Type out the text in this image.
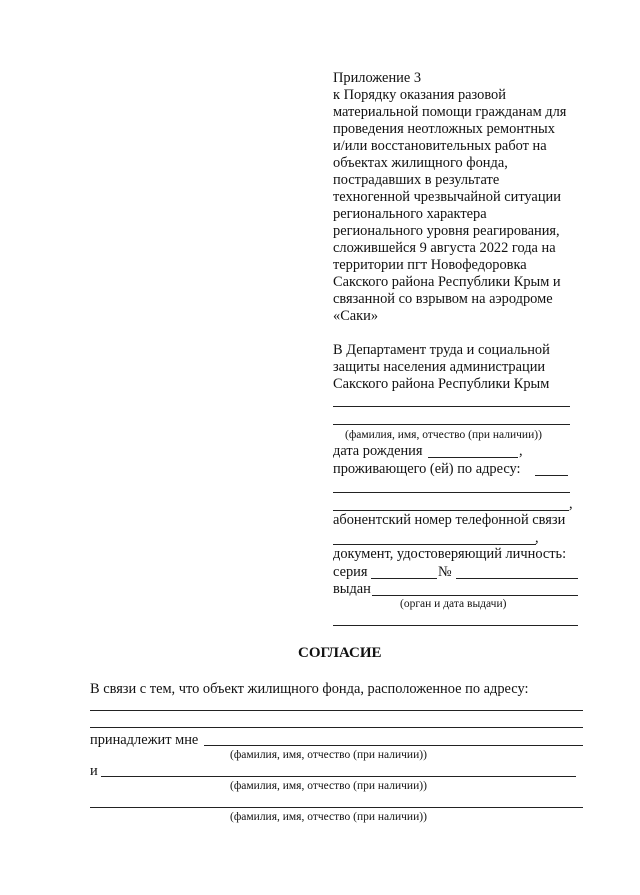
Приложение 3
к Порядку оказания разовой
материальной помощи гражданам для
проведения неотложных ремонтных
и/или восстановительных работ на
объектах жилищного фонда,
пострадавших в результате
техногенной чрезвычайной ситуации
регионального характера
регионального уровня реагирования,
сложившейся 9 августа 2022 года на
территории пгт Новофедоровка
Сакского района Республики Крым и
связанной со взрывом на аэродроме
«Саки»
В Департамент труда и социальной
защиты населения администрации
Сакского района Республики Крым
(фамилия, имя, отчество (при наличии))
дата рождения	,
проживающего (ей) по адресу:
,
абонентский номер телефонной связи
,
документ, удостоверяющий личность:
серия	№
выдан
(орган и дата выдачи)
СОГЛАСИЕ
В связи с тем, что объект жилищного фонда, расположенное по адресу:
принадлежит мне
(фамилия, имя, отчество (при наличии))
и
(фамилия, имя, отчество (при наличии))
(фамилия, имя, отчество (при наличии))
